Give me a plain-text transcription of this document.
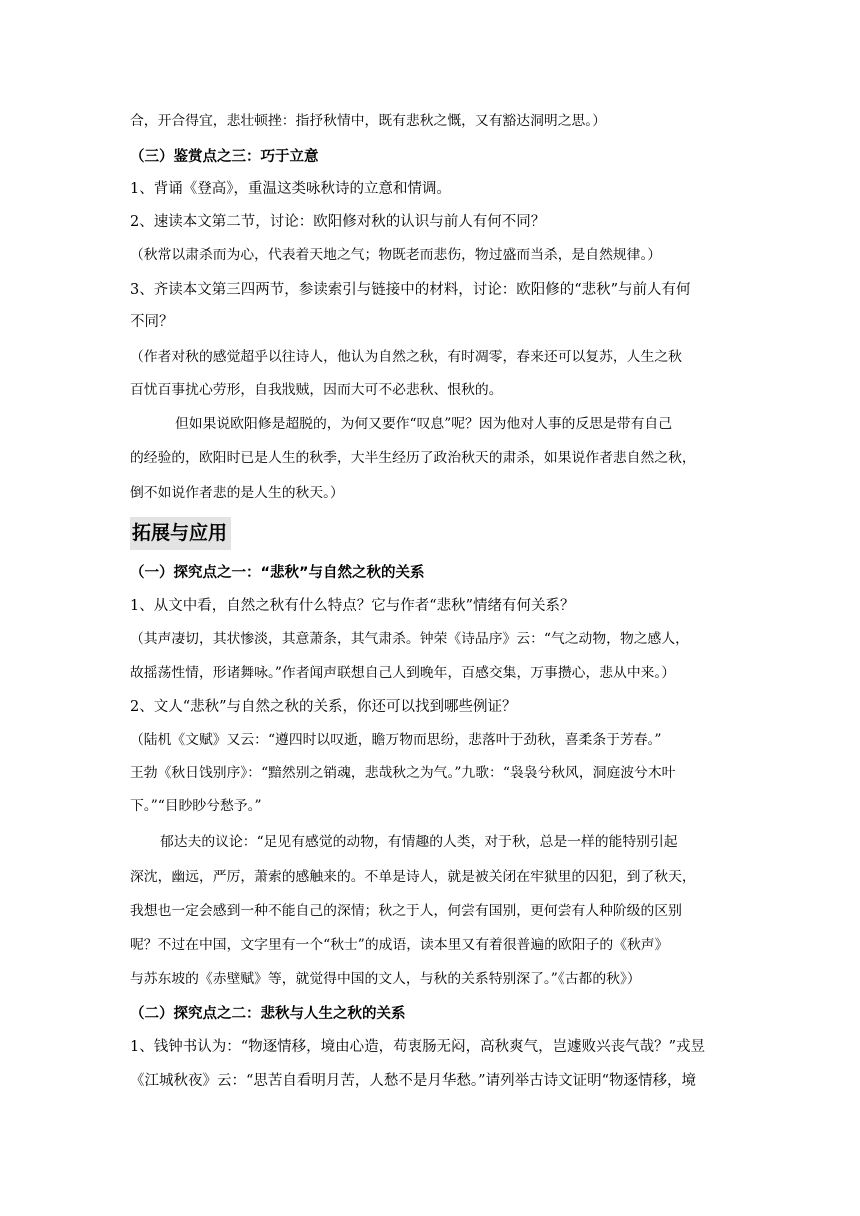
合，开合得宜，悲壮顿挫：指抒秋情中，既有悲秋之慨，又有豁达洞明之思。）
（三）鉴赏点之三：巧于立意
1、背诵《登高》，重温这类咏秋诗的立意和情调。
2、速读本文第二节，讨论：欧阳修对秋的认识与前人有何不同？
（秋常以肃杀而为心，代表着天地之气；物既老而悲伤，物过盛而当杀，是自然规律。）
3、齐读本文第三四两节，参读索引与链接中的材料，讨论：欧阳修的“悲秋”与前人有何
不同？
（作者对秋的感觉超乎以往诗人，他认为自然之秋，有时凋零，春来还可以复苏，人生之秋
百忧百事扰心劳形，自我戕贼，因而大可不必悲秋、恨秋的。
但如果说欧阳修是超脱的，为何又要作“叹息”呢？因为他对人事的反思是带有自己
的经验的，欧阳时已是人生的秋季，大半生经历了政治秋天的肃杀，如果说作者悲自然之秋，
倒不如说作者悲的是人生的秋天。）
拓展与应用
（一）探究点之一：“悲秋”与自然之秋的关系
1、从文中看，自然之秋有什么特点？它与作者“悲秋”情绪有何关系？
（其声凄切，其状惨淡，其意萧条，其气肃杀。钟荣《诗品序》云：“气之动物，物之感人，
故摇荡性情，形诸舞咏。”作者闻声联想自己人到晚年，百感交集，万事攒心，悲从中来。）
2、文人“悲秋”与自然之秋的关系，你还可以找到哪些例证？
（陆机《文赋》又云：“遵四时以叹逝，瞻万物而思纷，悲落叶于劲秋，喜柔条于芳春。”
王勃《秋日饯别序》：“黯然别之销魂，悲哉秋之为气。”九歌：“袅袅兮秋风，洞庭波兮木叶
下。”“目眇眇兮愁予。”
郁达夫的议论：“足见有感觉的动物，有情趣的人类，对于秋，总是一样的能特别引起
深沈，幽远，严厉，萧索的感触来的。不单是诗人，就是被关闭在牢狱里的囚犯，到了秋天，
我想也一定会感到一种不能自己的深情；秋之于人，何尝有国别，更何尝有人种阶级的区别
呢？不过在中国，文字里有一个“秋士”的成语，读本里又有着很普遍的欧阳子的《秋声》
与苏东坡的《赤壁赋》等，就觉得中国的文人，与秋的关系特别深了。”《古都的秋》）
（二）探究点之二：悲秋与人生之秋的关系
1、钱钟书认为：“物逐情移，境由心造，苟衷肠无闷，高秋爽气，岂遽败兴丧气哉？”戎昱
《江城秋夜》云：“思苦自看明月苦，人愁不是月华愁。”请列举古诗文证明“物逐情移，境
